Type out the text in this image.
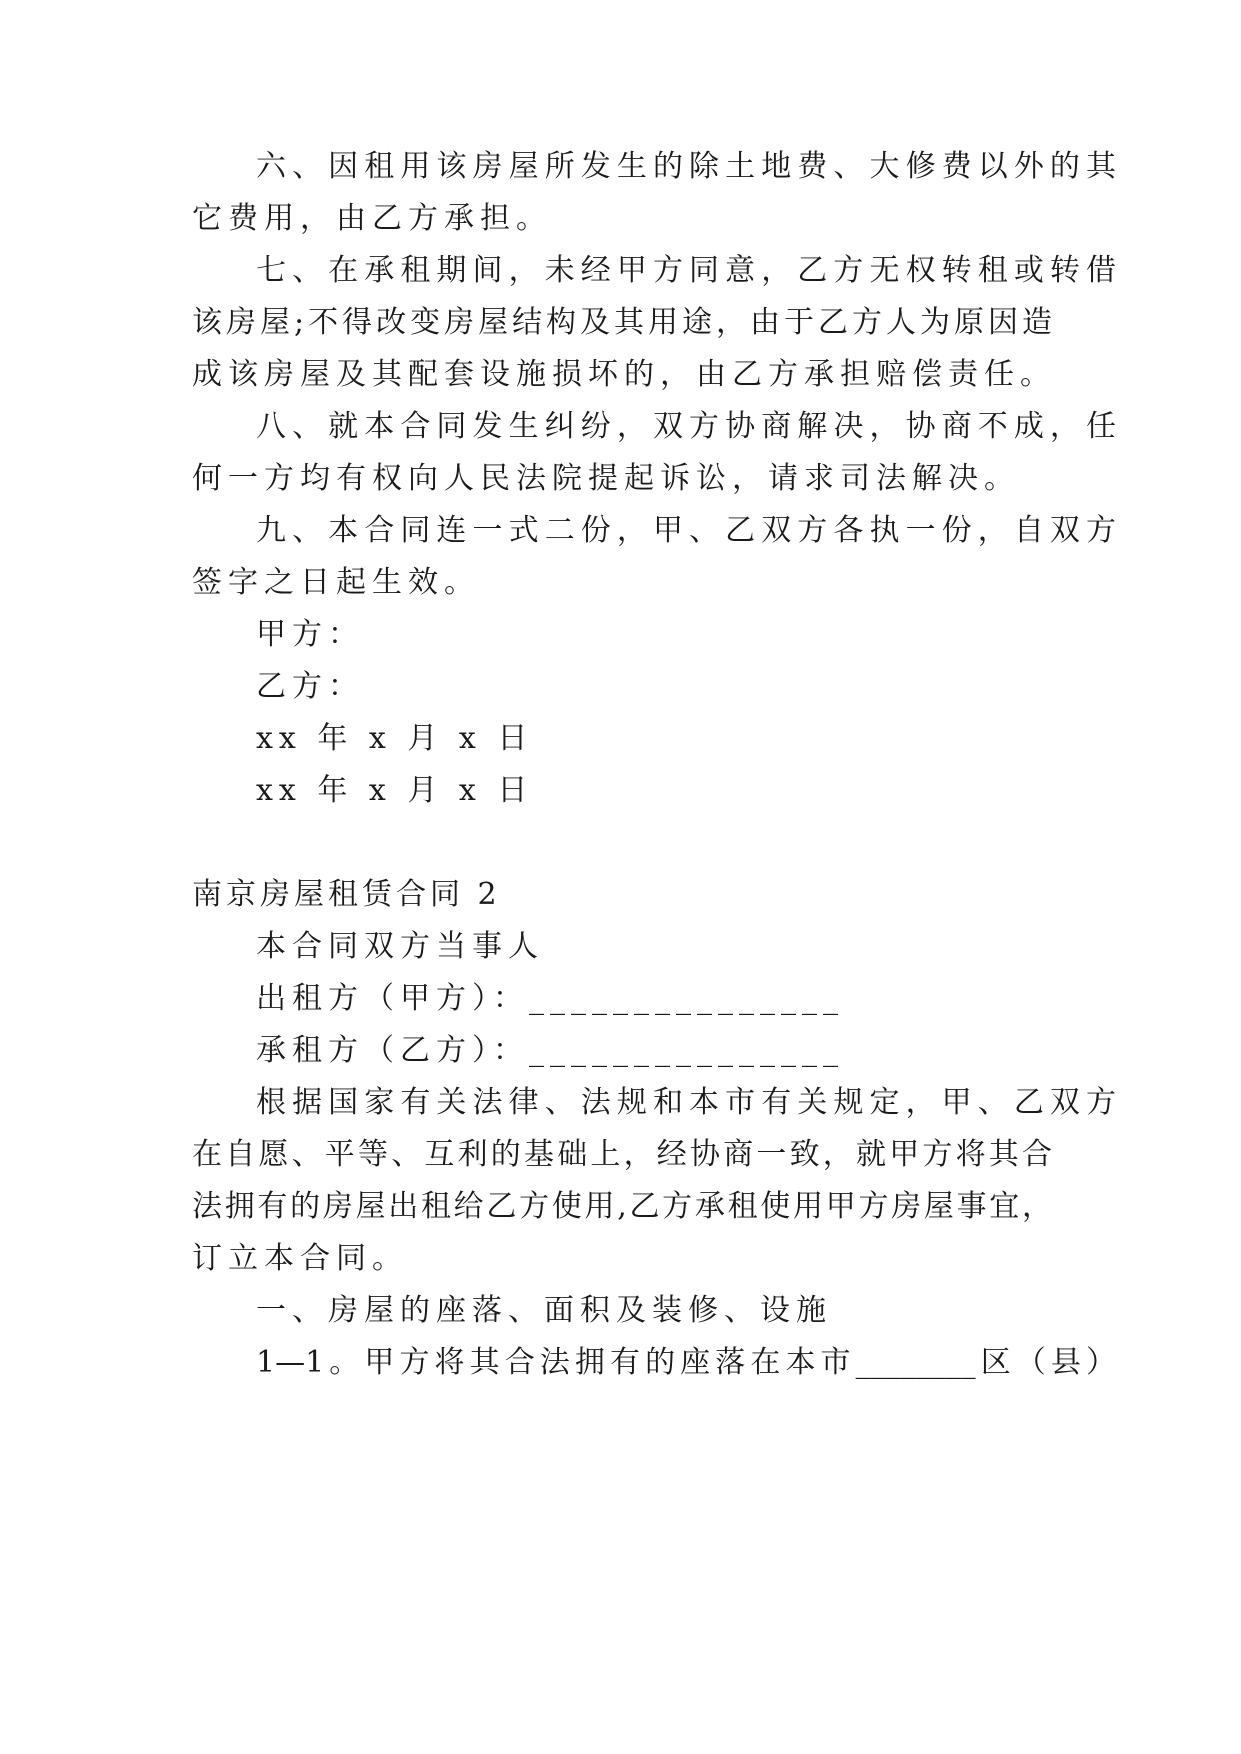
六、因租用该房屋所发生的除土地费、大修费以外的其
它费用，由乙方承担。
七、在承租期间，未经甲方同意，乙方无权转租或转借
该房屋;不得改变房屋结构及其用途，由于乙方人为原因造
成该房屋及其配套设施损坏的，由乙方承担赔偿责任。
八、就本合同发生纠纷，双方协商解决，协商不成，任
何一方均有权向人民法院提起诉讼，请求司法解决。
九、本合同连一式二份，甲、乙双方各执一份，自双方
签字之日起生效。
甲方：
乙方：
xx 年 x 月 x 日
xx 年 x 月 x 日
南京房屋租赁合同 2
本合同双方当事人
出租方（甲方）：_______________
承租方（乙方）：_______________
根据国家有关法律、法规和本市有关规定，甲、乙双方
在自愿、平等、互利的基础上，经协商一致，就甲方将其合
法拥有的房屋出租给乙方使用,乙方承租使用甲方房屋事宜，
订立本合同。
一、房屋的座落、面积及装修、设施
1—1。甲方将其合法拥有的座落在本市________区（县）
